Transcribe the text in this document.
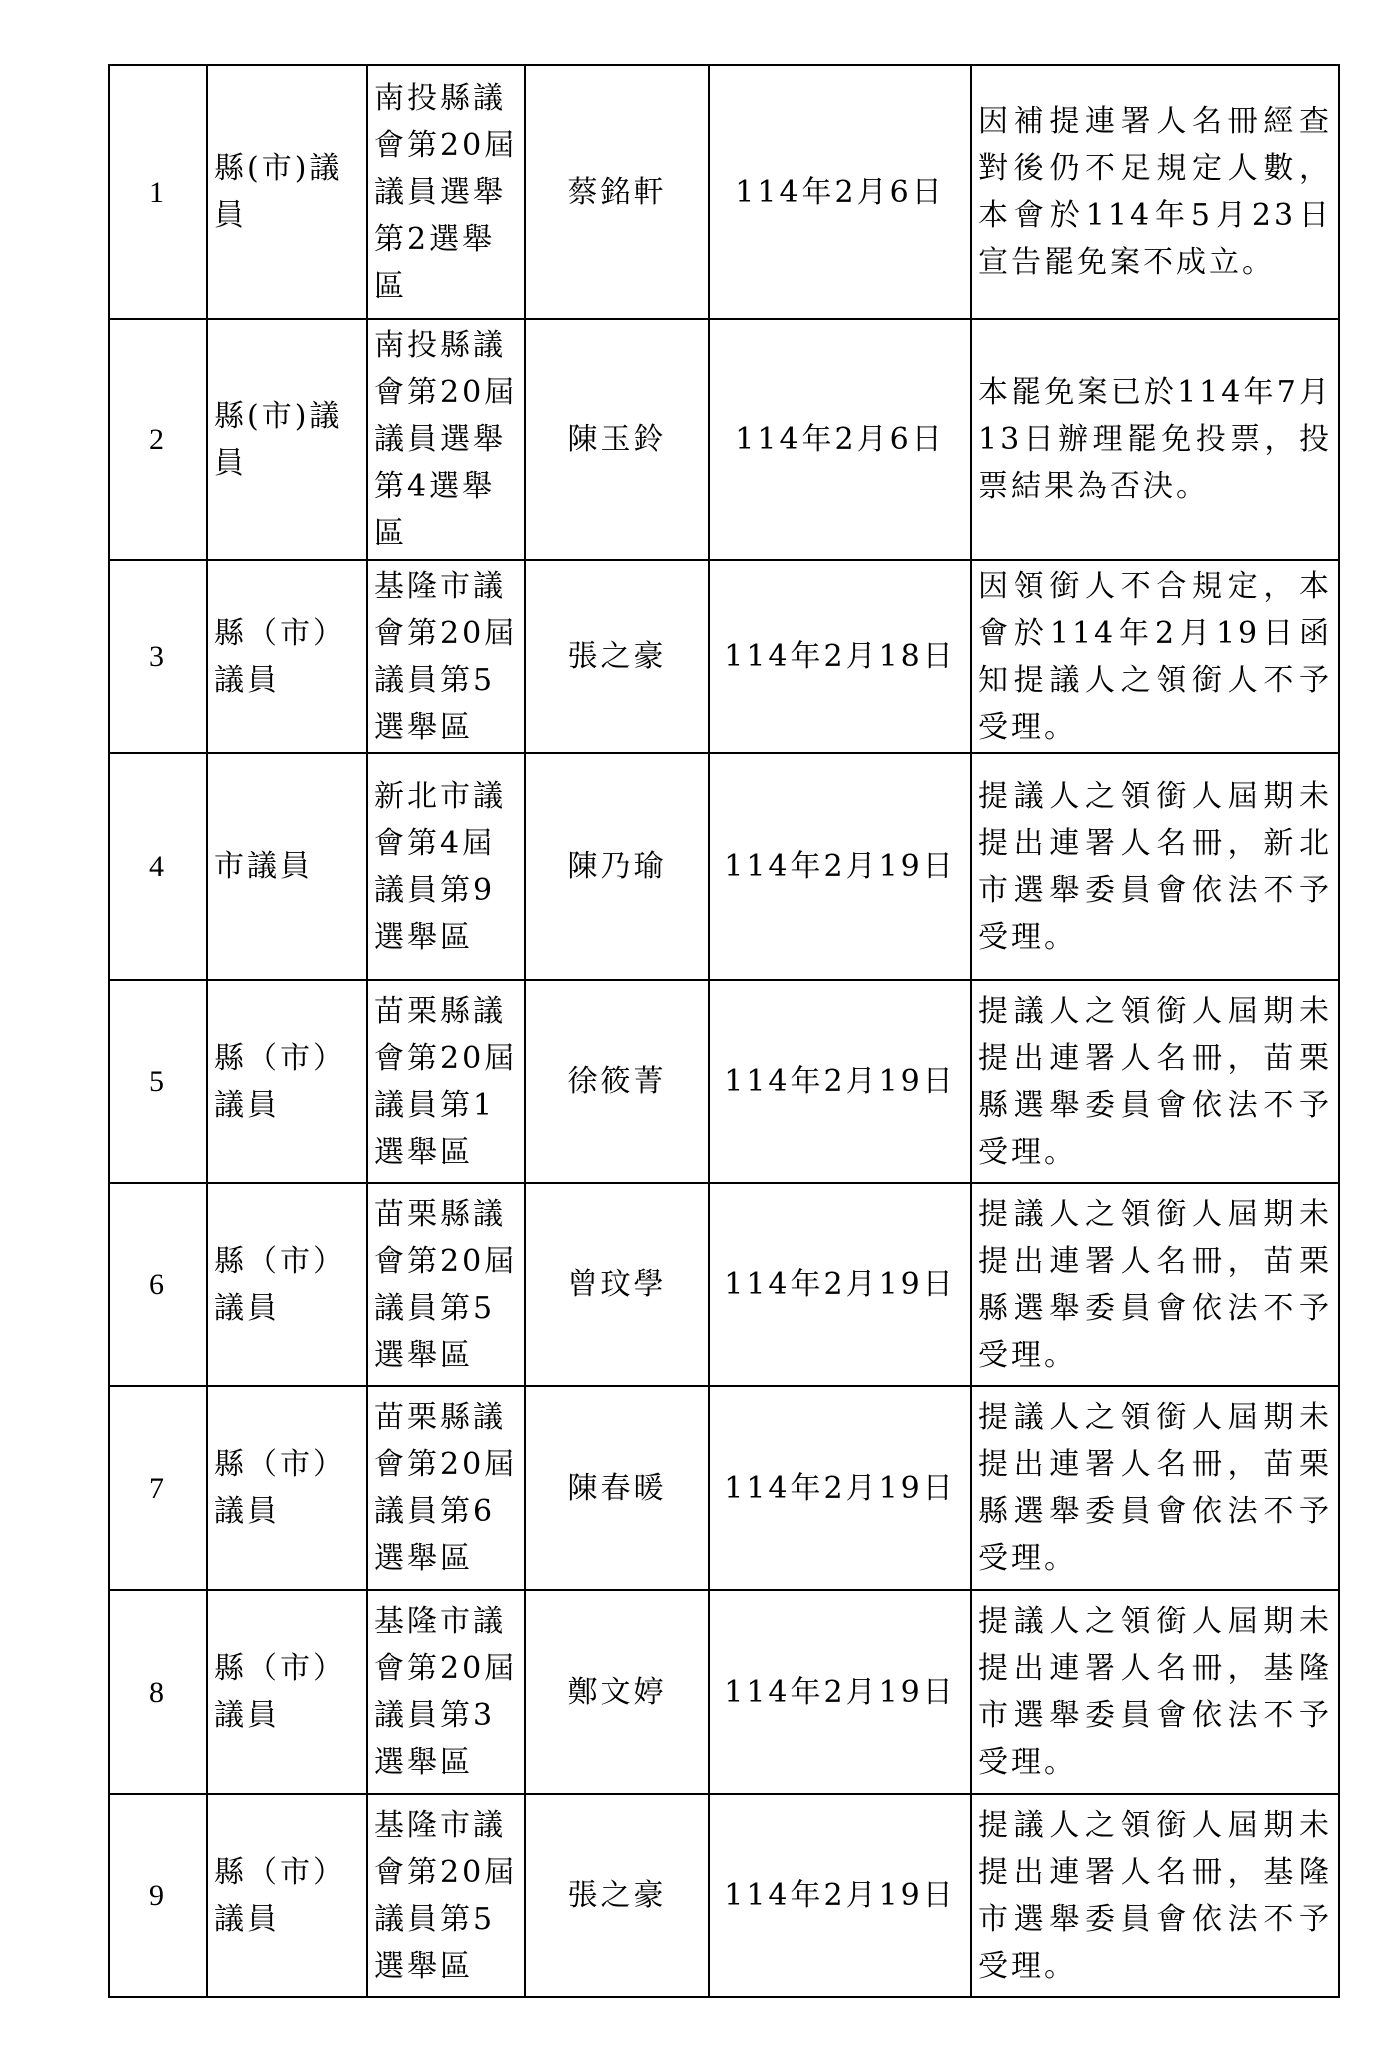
1	縣(市)議員	南投縣議會第20屆議員選舉第2選舉區	蔡銘軒	114年2月6日	因補提連署人名冊經查對後仍不足規定人數，本會於114年5月23日宣告罷免案不成立。
2	縣(市)議員	南投縣議會第20屆議員選舉第4選舉區	陳玉鈴	114年2月6日	本罷免案已於114年7月13日辦理罷免投票，投票結果為否決。
3	縣（市）議員	基隆市議會第20屆議員第5選舉區	張之豪	114年2月18日	因領銜人不合規定，本會於114年2月19日函知提議人之領銜人不予受理。
4	市議員	新北市議會第4屆議員第9選舉區	陳乃瑜	114年2月19日	提議人之領銜人屆期未提出連署人名冊，新北市選舉委員會依法不予受理。
5	縣（市）議員	苗栗縣議會第20屆議員第1選舉區	徐筱菁	114年2月19日	提議人之領銜人屆期未提出連署人名冊，苗栗縣選舉委員會依法不予受理。
6	縣（市）議員	苗栗縣議會第20屆議員第5選舉區	曾玟學	114年2月19日	提議人之領銜人屆期未提出連署人名冊，苗栗縣選舉委員會依法不予受理。
7	縣（市）議員	苗栗縣議會第20屆議員第6選舉區	陳春暖	114年2月19日	提議人之領銜人屆期未提出連署人名冊，苗栗縣選舉委員會依法不予受理。
8	縣（市）議員	基隆市議會第20屆議員第3選舉區	鄭文婷	114年2月19日	提議人之領銜人屆期未提出連署人名冊，基隆市選舉委員會依法不予受理。
9	縣（市）議員	基隆市議會第20屆議員第5選舉區	張之豪	114年2月19日	提議人之領銜人屆期未提出連署人名冊，基隆市選舉委員會依法不予受理。
